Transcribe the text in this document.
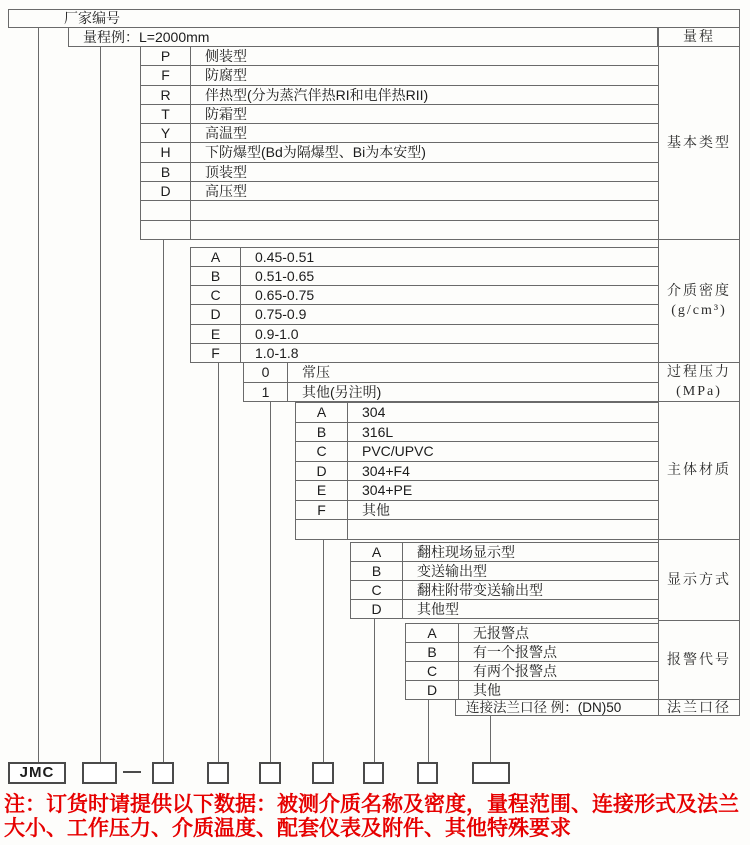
厂家编号
量程例：L=2000mm
P	侧装型
F	防腐型
R	伴热型(分为蒸汽伴热RI和电伴热RII)
T	防霜型
Y	高温型
H	下防爆型(Bd为隔爆型、Bi为本安型)
B	顶装型
D	高压型
A	0.45-0.51
B	0.51-0.65
C	0.65-0.75
D	0.75-0.9
E	0.9-1.0
F	1.0-1.8
0	常压
1	其他(另注明)
A	304
B	316L
C	PVC/UPVC
D	304+F4
E	304+PE
F	其他
A	翻柱现场显示型
B	变送输出型
C	翻柱附带变送输出型
D	其他型
A	无报警点
B	有一个报警点
C	有两个报警点
D	其他
量程
基本类型
介质密度
(g/cm³)
过程压力
(MPa)
主体材质
显示方式
报警代号
法兰口径
连接法兰口径 例：(DN)50
JMC
注：订货时请提供以下数据：被测介质名称及密度，量程范围、连接形式及法兰
大小、工作压力、介质温度、配套仪表及附件、其他特殊要求
